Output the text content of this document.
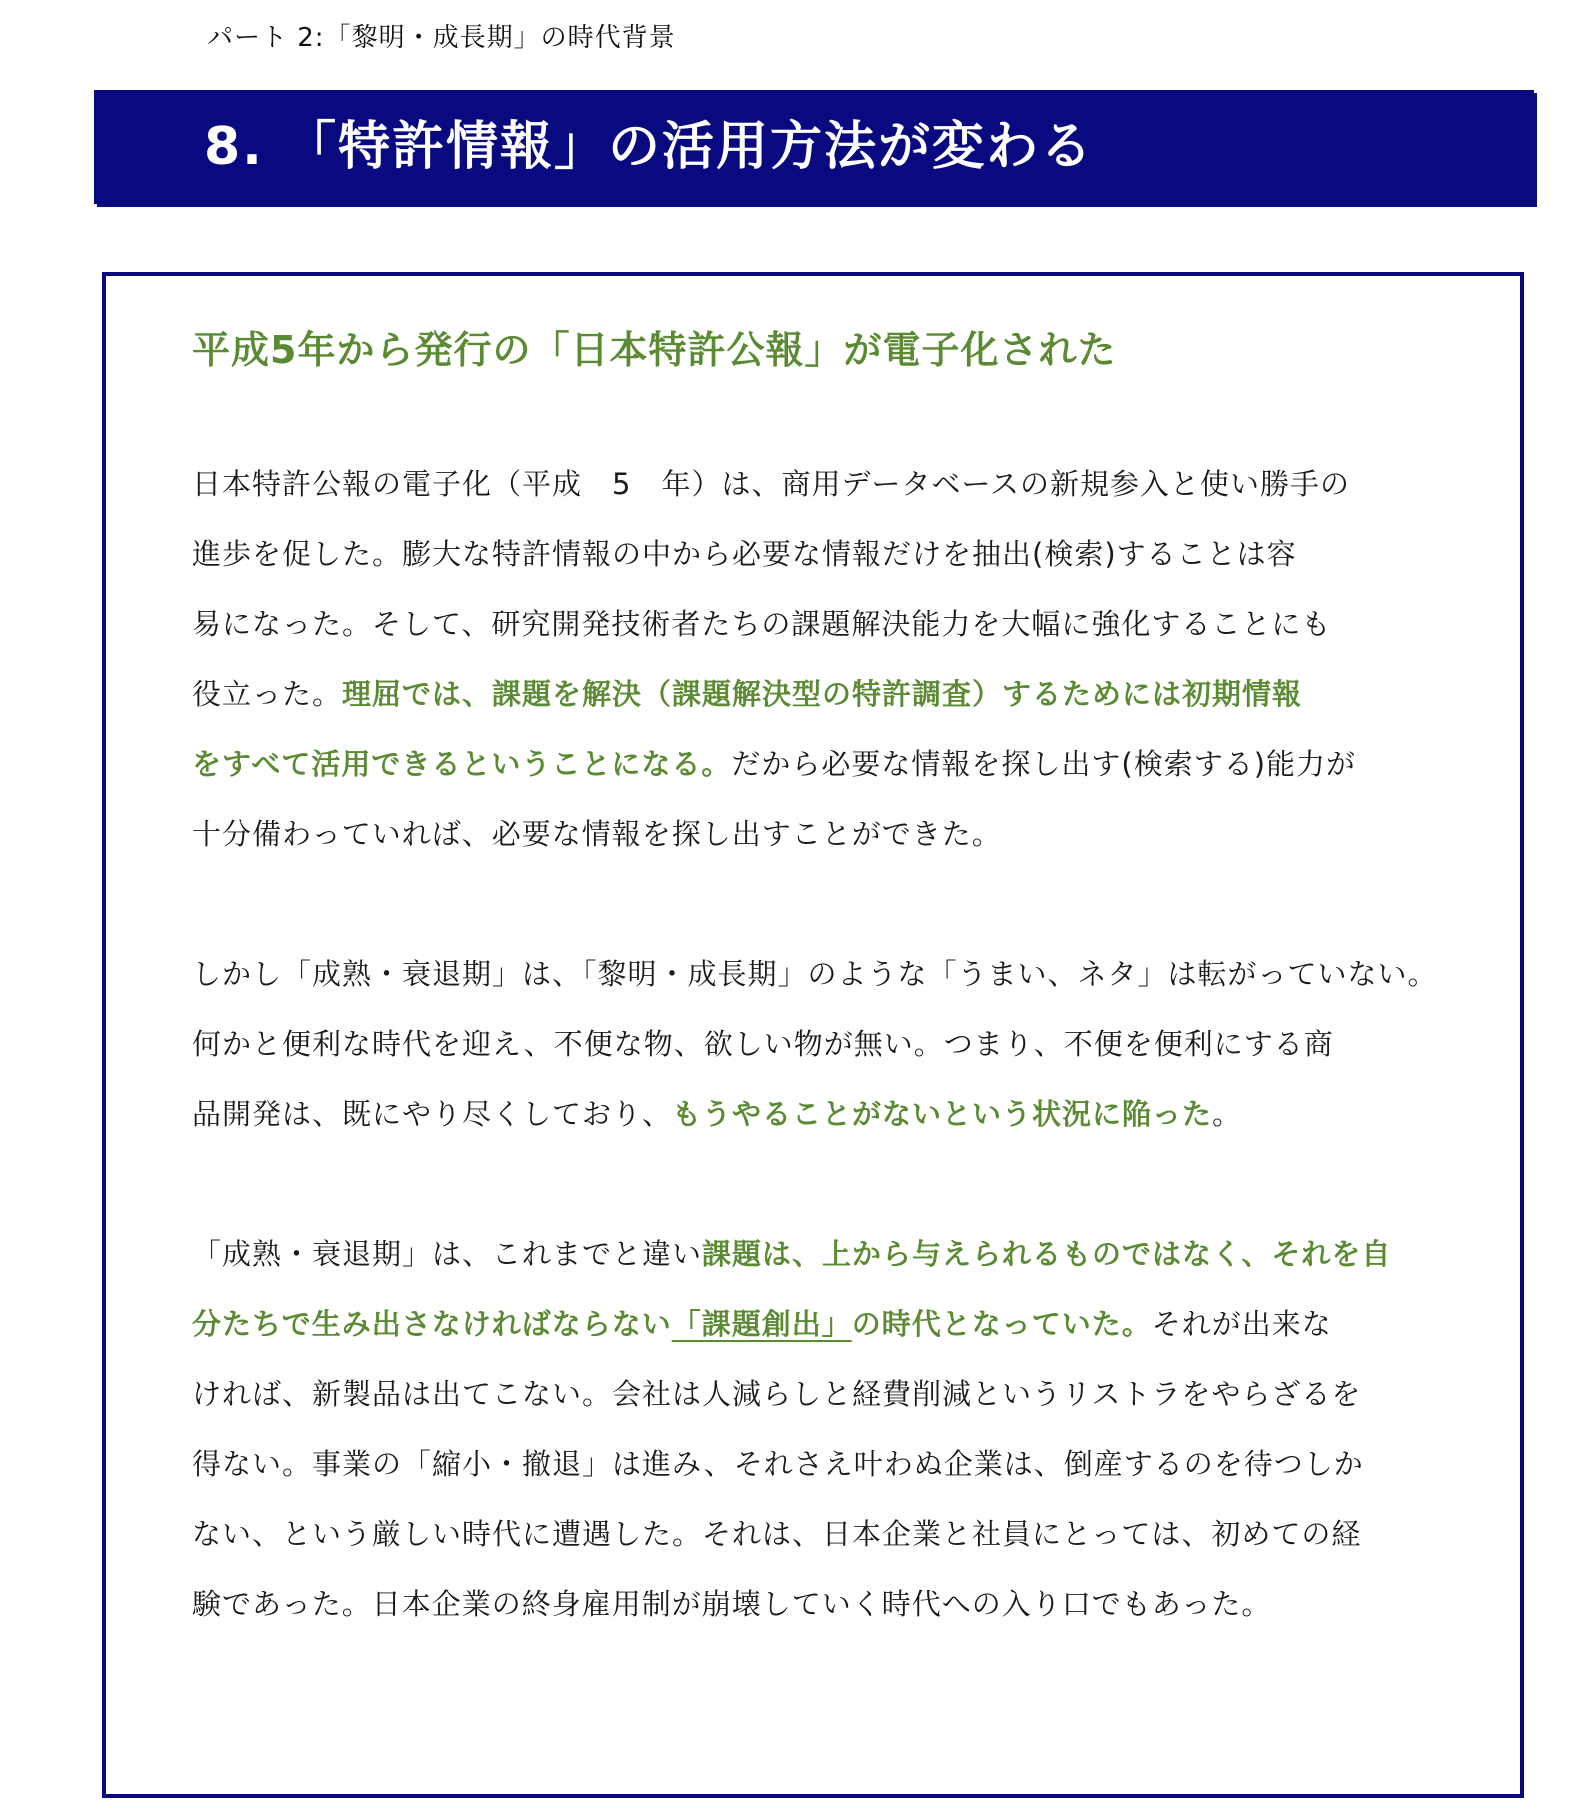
パート 2:「黎明・成長期」の時代背景
8. 「特許情報」の活用方法が変わる
平成5年から発行の「日本特許公報」が電子化された
日本特許公報の電子化（平成　5　年）は、商用データベースの新規参入と使い勝手の
進歩を促した。膨大な特許情報の中から必要な情報だけを抽出(検索)することは容
易になった。そして、研究開発技術者たちの課題解決能力を大幅に強化することにも
役立った。理屈では、課題を解決（課題解決型の特許調査）するためには初期情報
をすべて活用できるということになる。だから必要な情報を探し出す(検索する)能力が
十分備わっていれば、必要な情報を探し出すことができた。
しかし「成熟・衰退期」は、「黎明・成長期」のような「うまい、ネタ」は転がっていない。
何かと便利な時代を迎え、不便な物、欲しい物が無い。つまり、不便を便利にする商
品開発は、既にやり尽くしており、もうやることがないという状況に陥った。
「成熟・衰退期」は、これまでと違い課題は、上から与えられるものではなく、それを自
分たちで生み出さなければならない「課題創出」の時代となっていた。それが出来な
ければ、新製品は出てこない。会社は人減らしと経費削減というリストラをやらざるを
得ない。事業の「縮小・撤退」は進み、それさえ叶わぬ企業は、倒産するのを待つしか
ない、という厳しい時代に遭遇した。それは、日本企業と社員にとっては、初めての経
験であった。日本企業の終身雇用制が崩壊していく時代への入り口でもあった。
